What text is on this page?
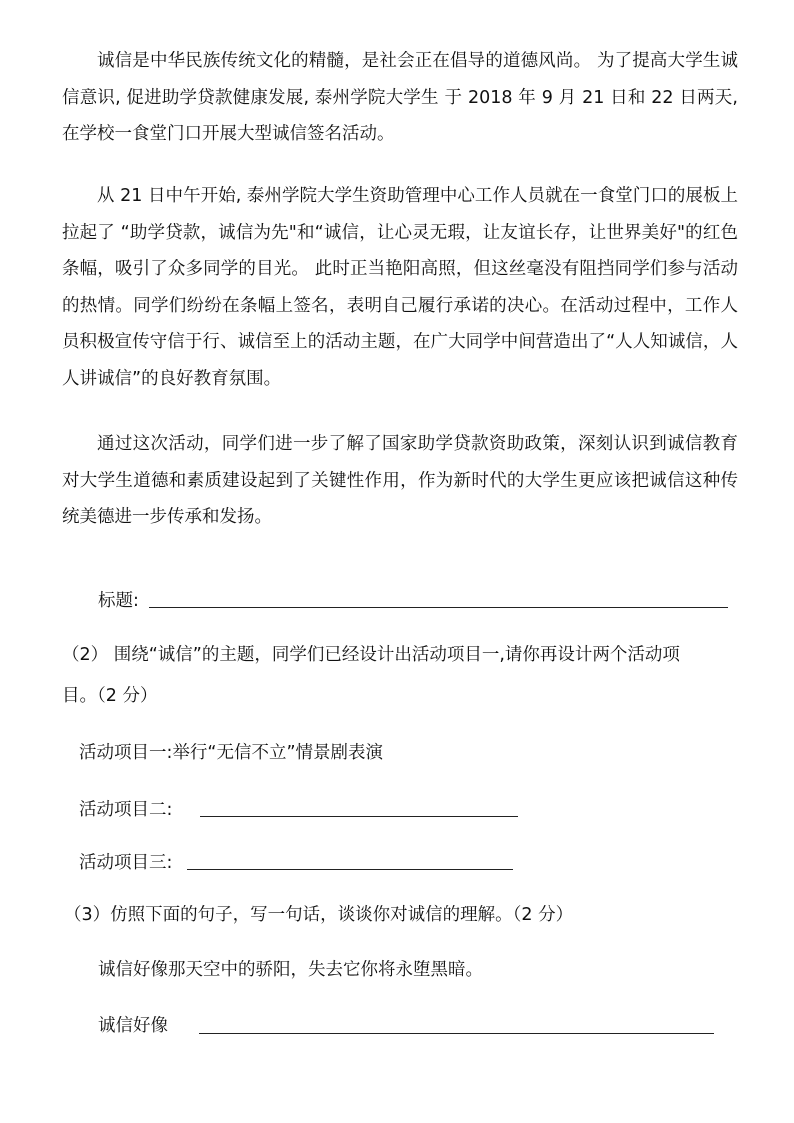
诚信是中华民族传统文化的精髓，是社会正在倡导的道德风尚。 为了提高大学生诚信意识, 促进助学贷款健康发展, 泰州学院大学生 于 2018 年 9 月 21 日和 22 日两天,在学校一食堂门口开展大型诚信签名活动。

从 21 日中午开始, 泰州学院大学生资助管理中心工作人员就在一食堂门口的展板上拉起了 “助学贷款，诚信为先"和“诚信，让心灵无瑕，让友谊长存，让世界美好"的红色条幅，吸引了众多同学的目光。 此时正当艳阳高照，但这丝毫没有阻挡同学们参与活动的热情。同学们纷纷在条幅上签名，表明自己履行承诺的决心。在活动过程中，工作人员积极宣传守信于行、诚信至上的活动主题，在广大同学中间营造出了“人人知诚信，人人讲诚信”的良好教育氛围。

通过这次活动，同学们进一步了解了国家助学贷款资助政策，深刻认识到诚信教育对大学生道德和素质建设起到了关键性作用，作为新时代的大学生更应该把诚信这种传统美德进一步传承和发扬。

标题:

（2） 围绕“诚信”的主题，同学们已经设计出活动项目一,请你再设计两个活动项

目。（2 分）

活动项目一:举行“无信不立”情景剧表演

活动项目二:

活动项目三:

（3）仿照下面的句子，写一句话，谈谈你对诚信的理解。（2 分）

诚信好像那天空中的骄阳，失去它你将永堕黑暗。

诚信好像
